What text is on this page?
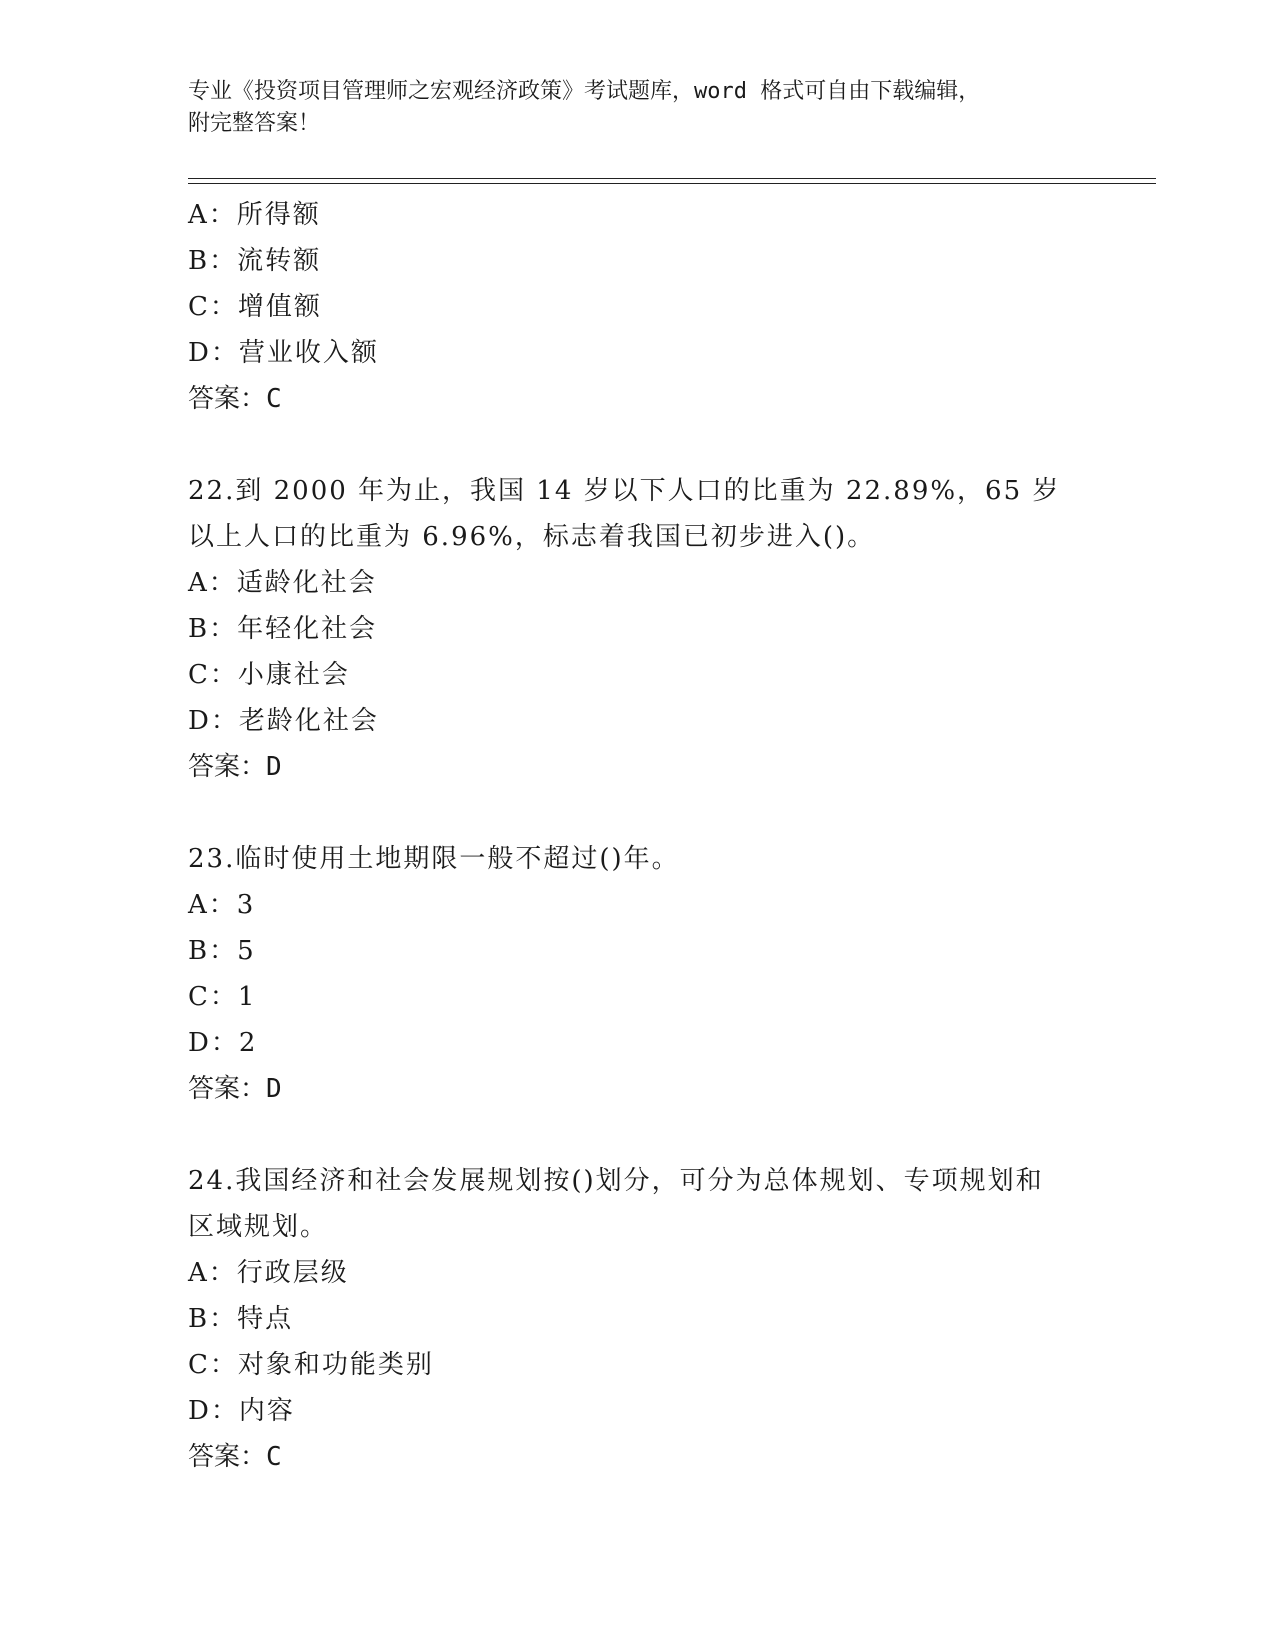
专业《投资项目管理师之宏观经济政策》考试题库，word 格式可自由下载编辑，
附完整答案！
A：所得额
B：流转额
C：增值额
D：营业收入额
答案：C
22.到 2000 年为止，我国 14 岁以下人口的比重为 22.89%，65 岁以上人口的比重为 6.96%，标志着我国已初步进入()。
A：适龄化社会
B：年轻化社会
C：小康社会
D：老龄化社会
答案：D
23.临时使用土地期限一般不超过()年。
A：3
B：5
C：1
D：2
答案：D
24.我国经济和社会发展规划按()划分，可分为总体规划、专项规划和区域规划。
A：行政层级
B：特点
C：对象和功能类别
D：内容
答案：C
